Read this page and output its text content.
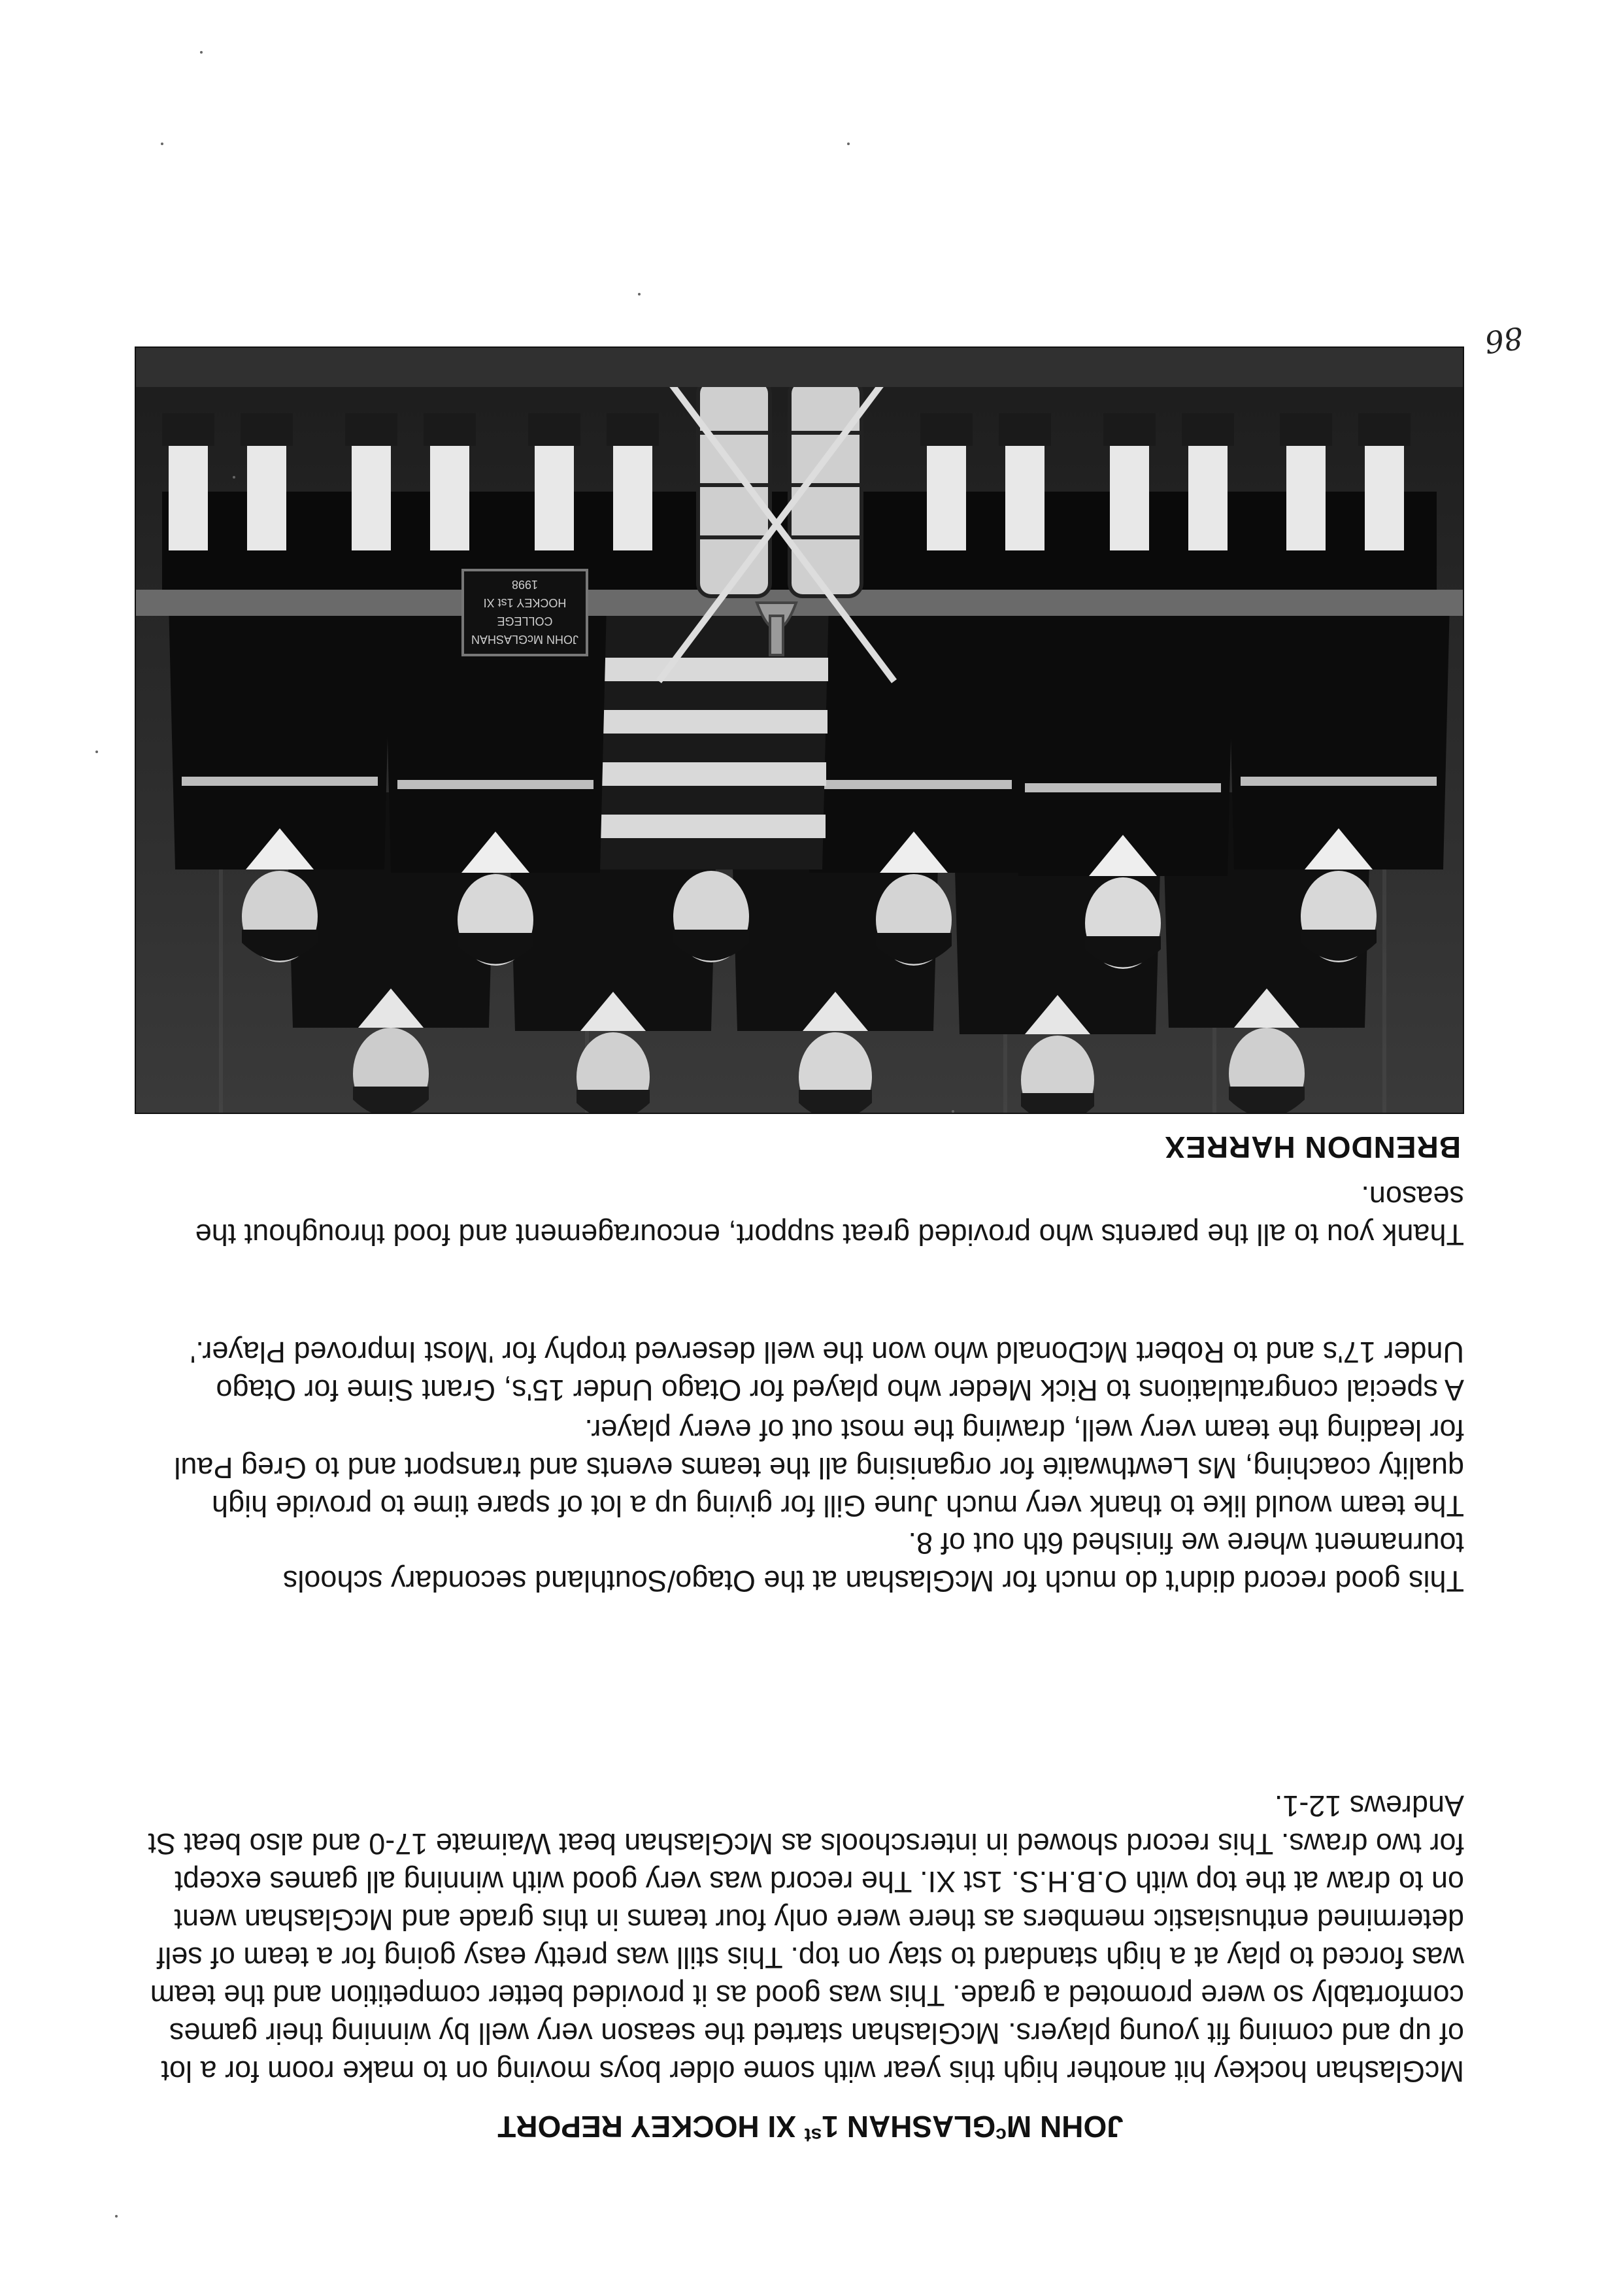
86
JOHN McGLASHAN
COLLEGE
HOCKEY 1st XI
1998
BRENDON HARREX
Thank you to all the parents who provided great support, encouragement and food throughout the season.
A special congratulations to Rick Meder who played for Otago Under 15's, Grant Sime for Otago Under 17's and to Robert McDonald who won the well deserved trophy for 'Most Improved Player.'
The team would like to thank very much June Gill for giving up a lot of spare time to provide high quality coaching, Ms Lewthwaite for organising all the teams events and transport and to Greg Paul for leading the team very well, drawing the most out of every player.
This good record didn't do much for McGlashan at the Otago/Southland secondary schools tournament where we finished 6th out of 8.
McGlashan hockey hit another high this year with some older boys moving on to make room for a lot of up and coming fit young players. McGlashan started the season very well by winning their games comfortably so were promoted a grade. This was good as it provided better competition and the team was forced to play at a high standard to stay on top. This still was pretty easy going for a team of self determined enthusiastic members as there were only four teams in this grade and McGlashan went on to draw at the top with O.B.H.S. 1st XI. The record was very good with winning all games except for two draws. This record showed in interschools as McGlashan beat Waimate 17-0 and also beat St Andrews 12-1.
JOHN $M^cGLASHAN$ 1st XI HOCKEY REPORT
